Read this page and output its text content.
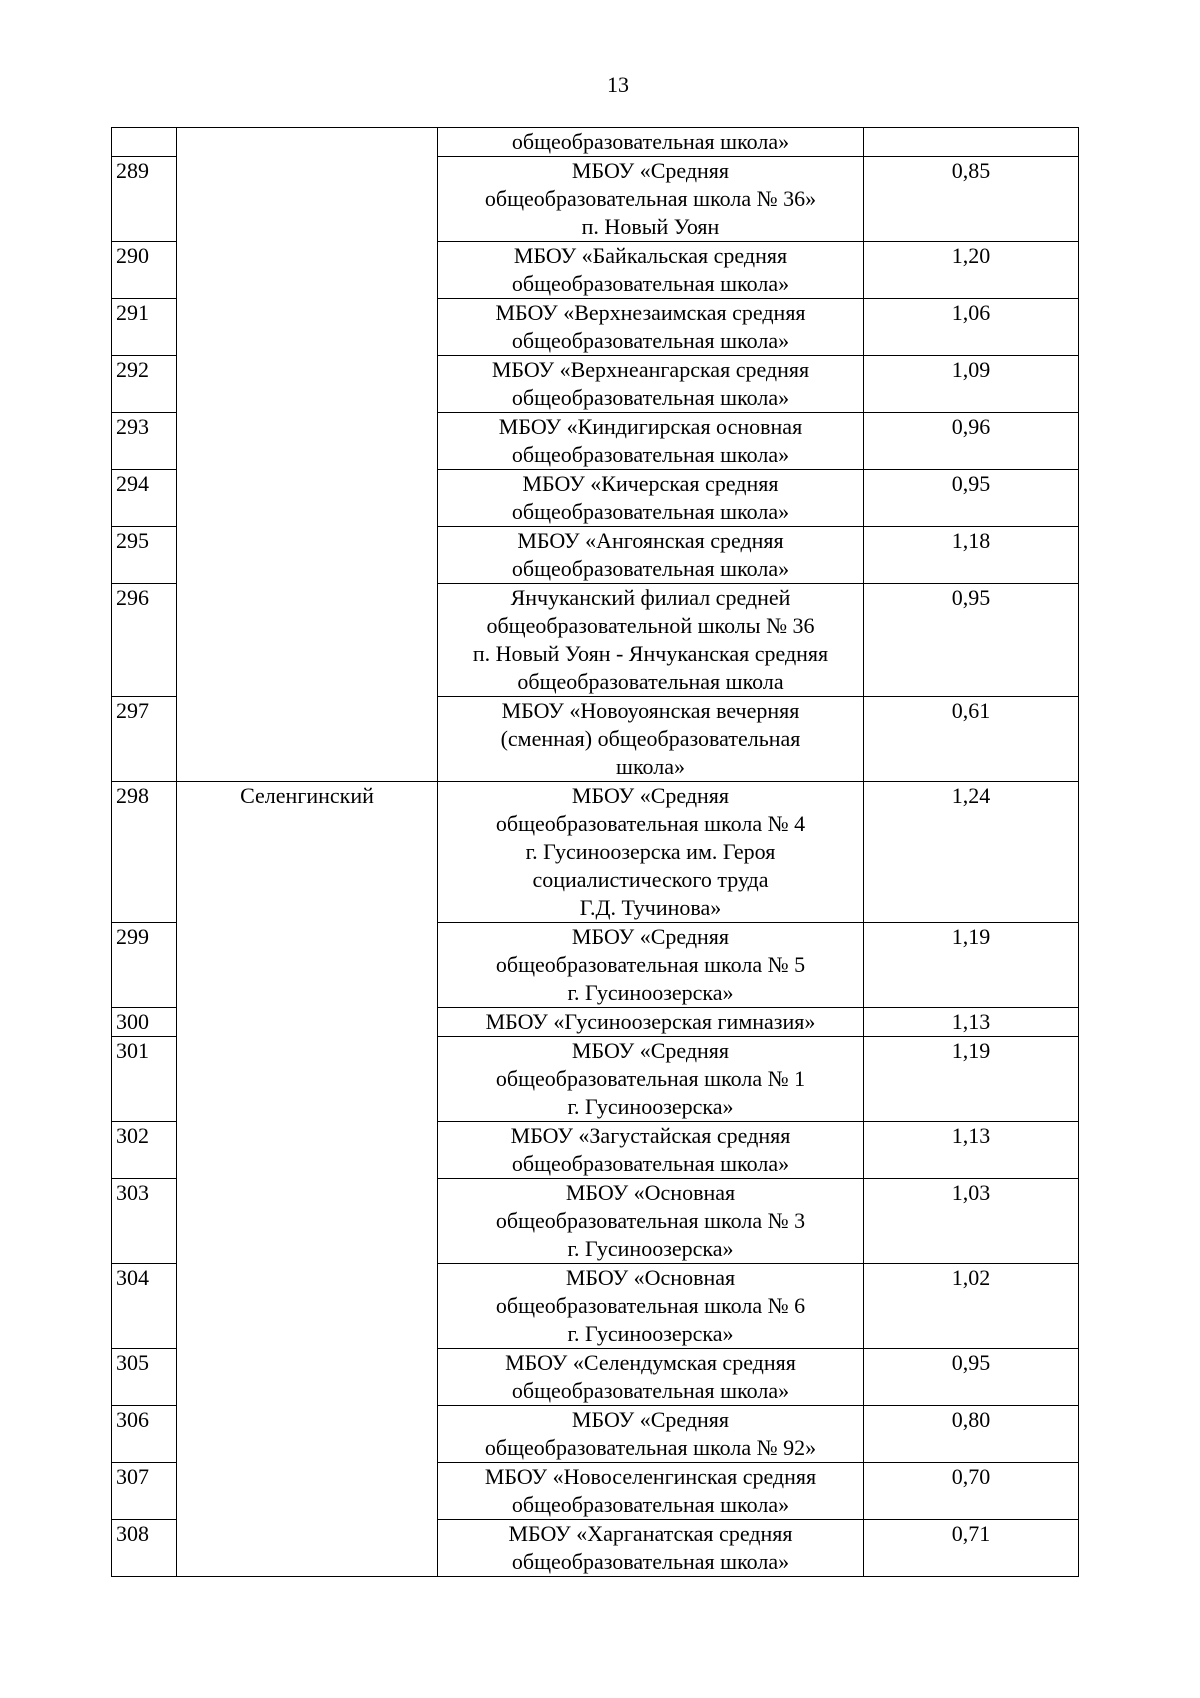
13

		общеобразовательная школа»	

289		МБОУ «Средняя
общеобразовательная школа № 36»
п. Новый Уоян	0,85
290		МБОУ «Байкальская средняя
общеобразовательная школа»	1,20
291		МБОУ «Верхнезаимская средняя
общеобразовательная школа»	1,06
292		МБОУ «Верхнеангарская средняя
общеобразовательная школа»	1,09
293		МБОУ «Киндигирская основная
общеобразовательная школа»	0,96
294		МБОУ «Кичерская средняя
общеобразовательная школа»	0,95
295		МБОУ «Ангоянская средняя
общеобразовательная школа»	1,18
296		Янчуканский филиал средней
общеобразовательной школы № 36
п. Новый Уоян - Янчуканская средняя
общеобразовательная школа	0,95
297		МБОУ «Новоуоянская вечерняя
(сменная) общеобразовательная
школа»	0,61
298	Селенгинский	МБОУ «Средняя
общеобразовательная школа № 4
г. Гусиноозерска им. Героя
социалистического труда
Г.Д. Тучинова»	1,24
299		МБОУ «Средняя
общеобразовательная школа № 5
г. Гусиноозерска»	1,19
300		МБОУ «Гусиноозерская гимназия»	1,13
301		МБОУ «Средняя
общеобразовательная школа № 1
г. Гусиноозерска»	1,19
302		МБОУ «Загустайская средняя
общеобразовательная школа»	1,13
303		МБОУ «Основная
общеобразовательная школа № 3
г. Гусиноозерска»	1,03
304		МБОУ «Основная
общеобразовательная школа № 6
г. Гусиноозерска»	1,02
305		МБОУ «Селендумская средняя
общеобразовательная школа»	0,95
306		МБОУ «Средняя
общеобразовательная школа № 92»	0,80
307		МБОУ «Новоселенгинская средняя
общеобразовательная школа»	0,70
308		МБОУ «Харганатская средняя
общеобразовательная школа»	0,71
